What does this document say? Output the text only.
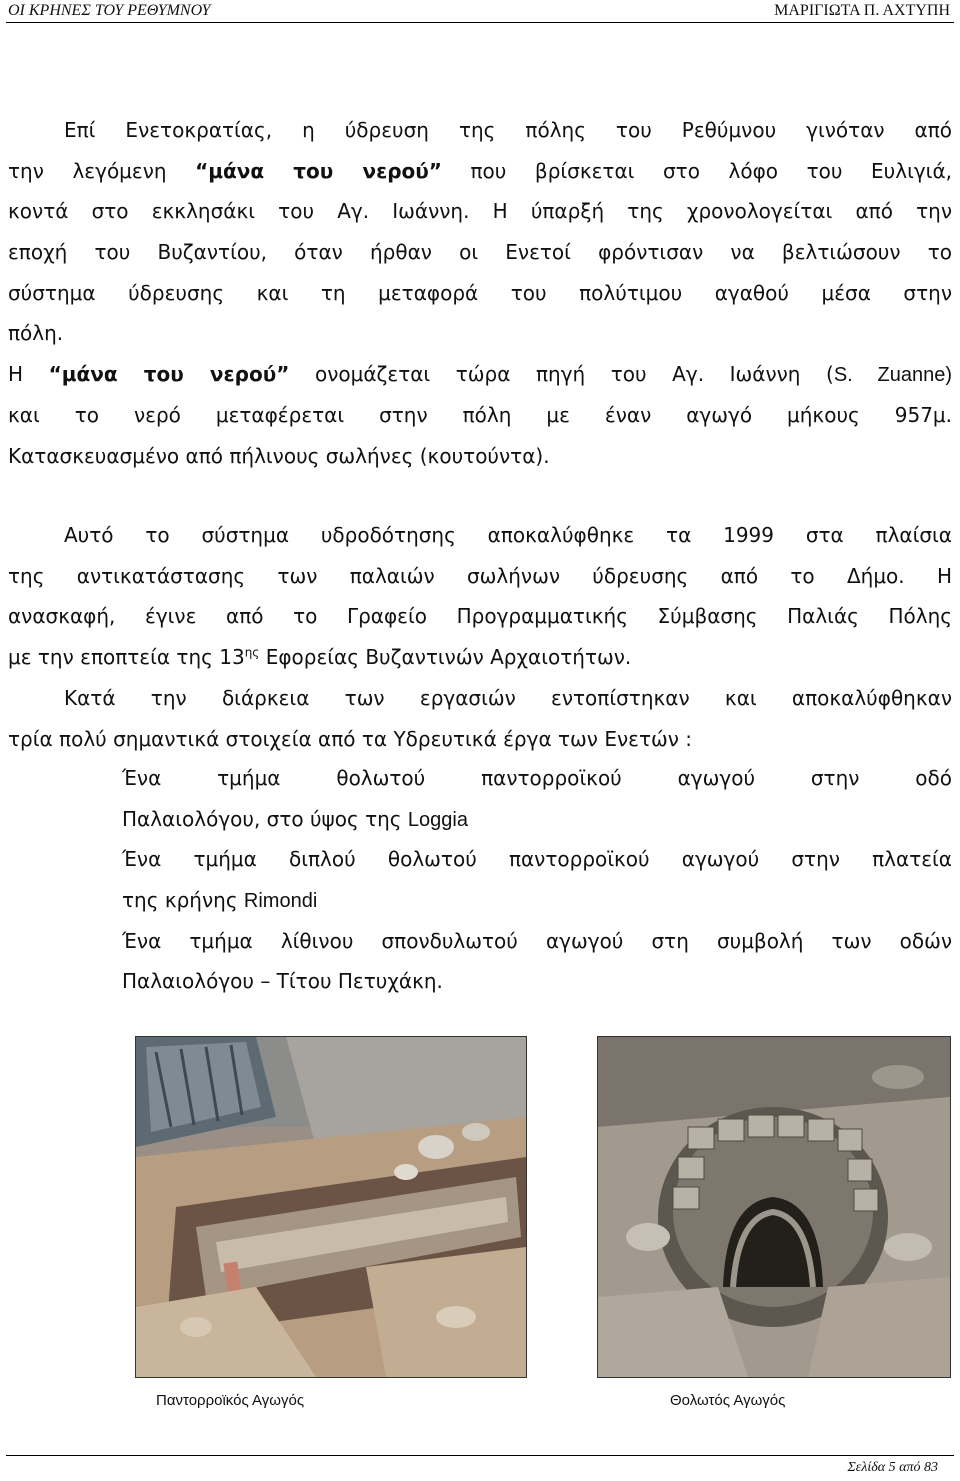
ΟΙ ΚΡΗΝΕΣ ΤΟΥ ΡΕΘΥΜΝΟΥ	ΜΑΡΙΓΙΩΤΑ Π. ΑΧΤΥΠΗ
Επί Ενετοκρατίας, η ύδρευση της πόλης του Ρεθύμνου γινόταν από
την λεγόμενη “μάνα του νερού” που βρίσκεται στο λόφο του Ευλιγιά,
κοντά στο εκκλησάκι του Αγ. Ιωάννη. Η ύπαρξή της χρονολογείται από την
εποχή του Βυζαντίου, όταν ήρθαν οι Ενετοί φρόντισαν να βελτιώσουν το
σύστημα ύδρευσης και τη μεταφορά του πολύτιμου αγαθού μέσα στην
πόλη.
Η “μάνα του νερού” ονομάζεται τώρα πηγή του Αγ. Ιωάννη (S. Zuanne)
και το νερό μεταφέρεται στην πόλη με έναν αγωγό μήκους 957μ.
Κατασκευασμένο από πήλινους σωλήνες (κουτούντα).
Αυτό το σύστημα υδροδότησης αποκαλύφθηκε τα 1999 στα πλαίσια
της αντικατάστασης των παλαιών σωλήνων ύδρευσης από το Δήμο. Η
ανασκαφή, έγινε από το Γραφείο Προγραμματικής Σύμβασης Παλιάς Πόλης
με την εποπτεία της $13^{\eta\varsigma}$ Εφορείας Βυζαντινών Αρχαιοτήτων.
Κατά την διάρκεια των εργασιών εντοπίστηκαν και αποκαλύφθηκαν
τρία πολύ σημαντικά στοιχεία από τα Υδρευτικά έργα των Ενετών :
Ένα τμήμα θολωτού παντορροϊκού αγωγού στην οδό
Παλαιολόγου, στο ύψος της Loggia
Ένα τμήμα διπλού θολωτού παντορροϊκού αγωγού στην πλατεία
της κρήνης Rimondi
Ένα τμήμα λίθινου σπονδυλωτού αγωγού στη συμβολή των οδών
Παλαιολόγου – Τίτου Πετυχάκη.
Παντορροϊκός Αγωγός	Θολωτός Αγωγός
Σελίδα 5 από 83
